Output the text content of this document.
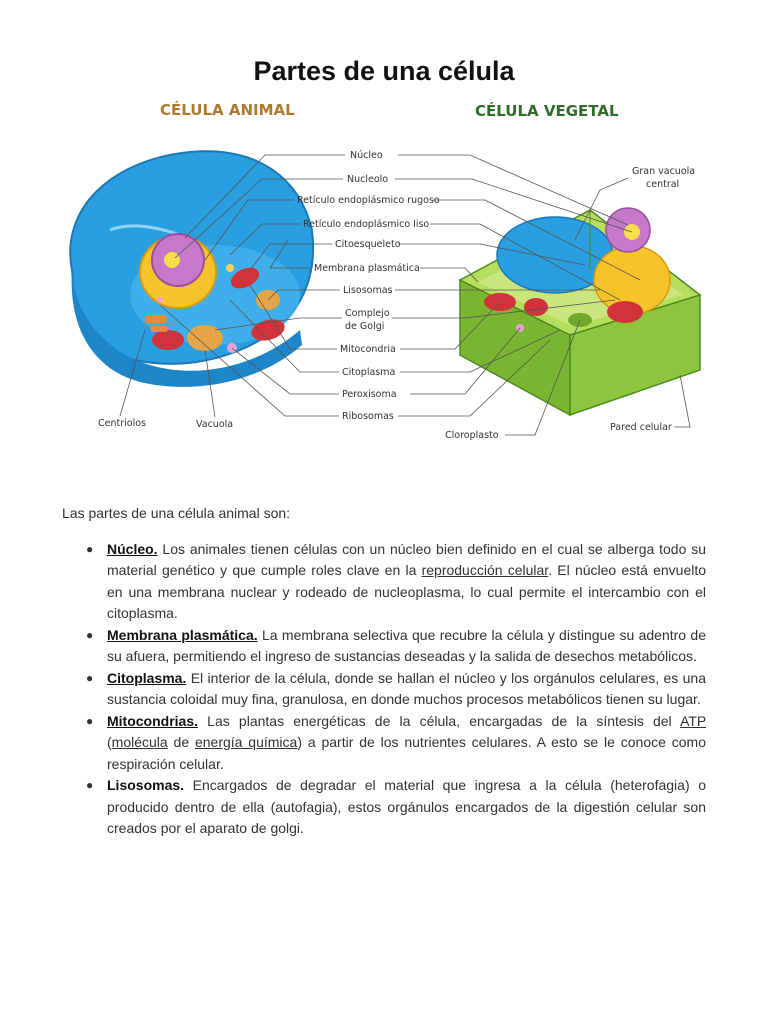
Partes de una célula
CÉLULA ANIMAL	CÉLULA VEGETAL
Núcleo
Nucleolo
Retículo endoplásmico rugoso
Retículo endoplásmico liso
Citoesqueleto
Membrana plasmática
Lisosomas
Complejo
de Golgi
Mitocondria
Citoplasma
Peroxisoma
Ribosomas
Centriolos	Vacuola
Gran vacuola
central
Cloroplasto
Pared celular

Las partes de una célula animal son:

● Núcleo. Los animales tienen células con un núcleo bien definido en el cual se alberga todo su material genético y que cumple roles clave en la reproducción celular. El núcleo está envuelto en una membrana nuclear y rodeado de nucleoplasma, lo cual permite el intercambio con el citoplasma.
● Membrana plasmática. La membrana selectiva que recubre la célula y distingue su adentro de su afuera, permitiendo el ingreso de sustancias deseadas y la salida de desechos metabólicos.
● Citoplasma. El interior de la célula, donde se hallan el núcleo y los orgánulos celulares, es una sustancia coloidal muy fina, granulosa, en donde muchos procesos metabólicos tienen su lugar.
● Mitocondrias. Las plantas energéticas de la célula, encargadas de la síntesis del ATP (molécula de energía química) a partir de los nutrientes celulares. A esto se le conoce como respiración celular.
● Lisosomas. Encargados de degradar el material que ingresa a la célula (heterofagia) o producido dentro de ella (autofagia), estos orgánulos encargados de la digestión celular son creados por el aparato de golgi.
